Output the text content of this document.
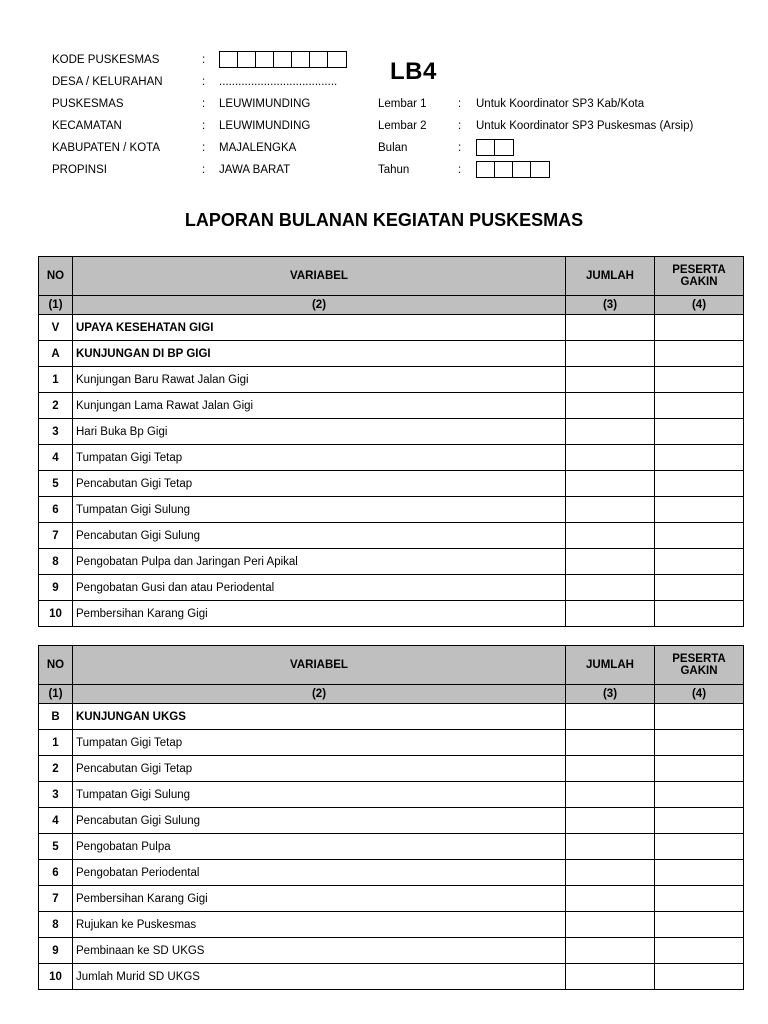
KODE PUSKESMAS	:
DESA / KELURAHAN	: .....................................
PUSKESMAS	: LEUWIMUNDING
KECAMATAN	: LEUWIMUNDING
KABUPATEN / KOTA	: MAJALENGKA
PROPINSI	: JAWA BARAT
LB4
Lembar 1	: Untuk Koordinator SP3 Kab/Kota
Lembar 2	: Untuk Koordinator SP3 Puskesmas (Arsip)
Bulan	:
Tahun	:
LAPORAN BULANAN KEGIATAN PUSKESMAS
NO	VARIABEL	JUMLAH	PESERTA GAKIN
(1)	(2)	(3)	(4)
V	UPAYA KESEHATAN GIGI		
A	KUNJUNGAN DI BP GIGI		
1	Kunjungan Baru Rawat Jalan Gigi		
2	Kunjungan Lama Rawat Jalan Gigi		
3	Hari Buka Bp Gigi		
4	Tumpatan Gigi Tetap		
5	Pencabutan Gigi Tetap		
6	Tumpatan Gigi Sulung		
7	Pencabutan Gigi Sulung		
8	Pengobatan Pulpa dan Jaringan Peri Apikal		
9	Pengobatan Gusi dan atau Periodental		
10	Pembersihan Karang Gigi		
NO	VARIABEL	JUMLAH	PESERTA GAKIN
(1)	(2)	(3)	(4)
B	KUNJUNGAN UKGS		
1	Tumpatan Gigi Tetap		
2	Pencabutan Gigi Tetap		
3	Tumpatan Gigi Sulung		
4	Pencabutan Gigi Sulung		
5	Pengobatan Pulpa		
6	Pengobatan Periodental		
7	Pembersihan Karang Gigi		
8	Rujukan ke Puskesmas		
9	Pembinaan ke SD UKGS		
10	Jumlah Murid SD UKGS		
